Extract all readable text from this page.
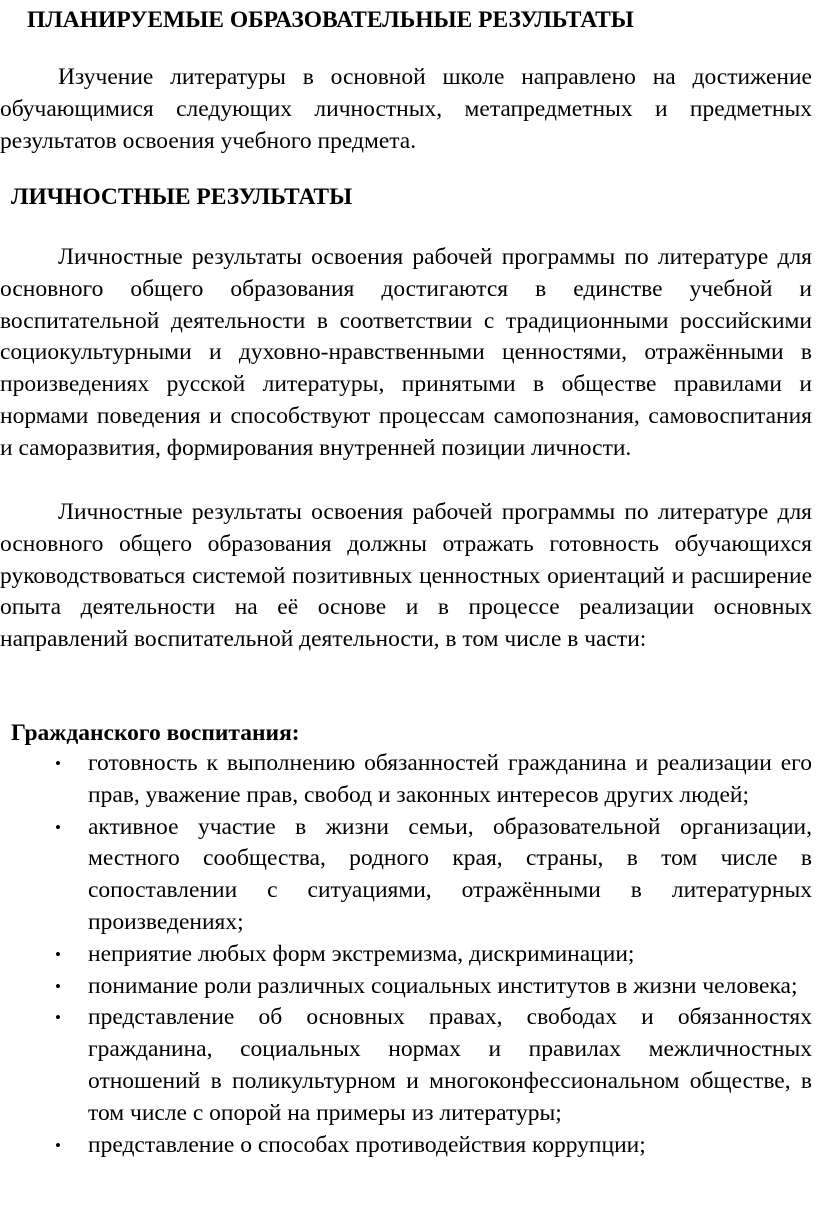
ПЛАНИРУЕМЫЕ ОБРАЗОВАТЕЛЬНЫЕ РЕЗУЛЬТАТЫ

Изучение литературы в основной школе направлено на достижение обучающимися следующих личностных, метапредметных и предметных результатов освоения учебного предмета.

ЛИЧНОСТНЫЕ РЕЗУЛЬТАТЫ

Личностные результаты освоения рабочей программы по литературе для основного общего образования достигаются в единстве учебной и воспитательной деятельности в соответствии с традиционными российскими социокультурными и духовно-нравственными ценностями, отражёнными в произведениях русской литературы, принятыми в обществе правилами и нормами поведения и способствуют процессам самопознания, самовоспитания и саморазвития, формирования внутренней позиции личности.

Личностные результаты освоения рабочей программы по литературе для основного общего образования должны отражать готовность обучающихся руководствоваться системой позитивных ценностных ориентаций и расширение опыта деятельности на её основе и в процессе реализации основных направлений воспитательной деятельности, в том числе в части:

Гражданского воспитания:
• готовность к выполнению обязанностей гражданина и реализации его прав, уважение прав, свобод и законных интересов других людей;
• активное участие в жизни семьи, образовательной организации, местного сообщества, родного края, страны, в том числе в сопоставлении с ситуациями, отражёнными в литературных произведениях;
• неприятие любых форм экстремизма, дискриминации;
• понимание роли различных социальных институтов в жизни человека;
• представление об основных правах, свободах и обязанностях гражданина, социальных нормах и правилах межличностных отношений в поликультурном и многоконфессиональном обществе, в том числе с опорой на примеры из литературы;
• представление о способах противодействия коррупции;
